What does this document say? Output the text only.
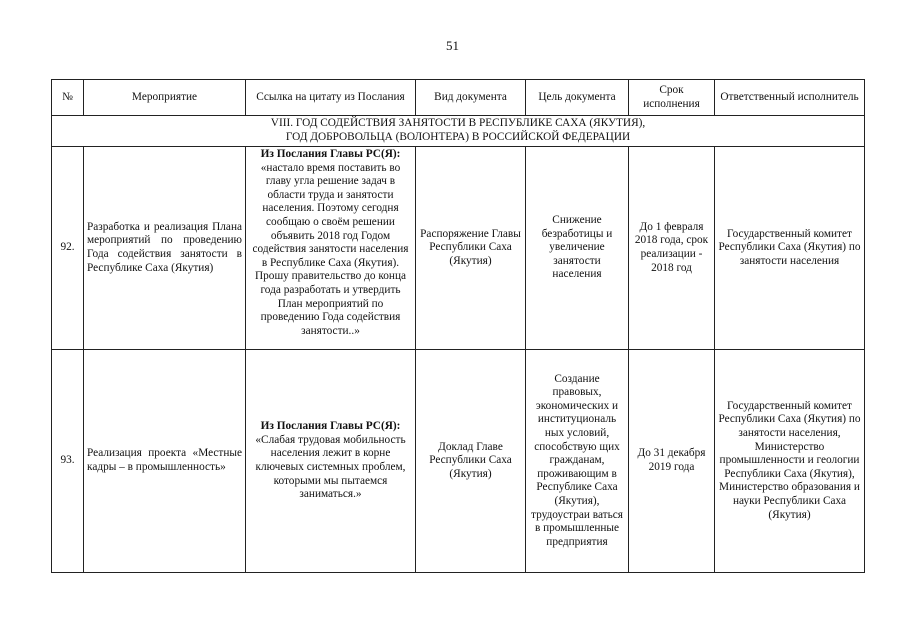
51
№	Мероприятие	Ссылка на цитату из Послания	Вид документа	Цель документа	Срок исполнения	Ответственный исполнитель

VIII. ГОД СОДЕЙСТВИЯ ЗАНЯТОСТИ В РЕСПУБЛИКЕ САХА (ЯКУТИЯ),
ГОД ДОБРОВОЛЬЦА (ВОЛОНТЕРА) В РОССИЙСКОЙ ФЕДЕРАЦИИ						

92.	Разработка и реализация Плана мероприятий по проведению Года содействия занятости в Республике Саха (Якутия)	Из Послания Главы РС(Я):
«настало время поставить во главу угла решение задач в области труда и занятости населения. Поэтому сегодня сообщаю о своём решении объявить 2018 год Годом содействия занятости населения в Республике Саха (Якутия). Прошу правительство до конца года разработать и утвердить План мероприятий по проведению Года содействия занятости..»	Распоряжение Главы Республики Саха (Якутия)	Снижение безработицы и увеличение занятости населения	До 1 февраля 2018 года, срок реализации - 2018 год	Государственный комитет Республики Саха (Якутия) по занятости населения
93.	Реализация проекта «Местные кадры – в промышленность»	Из Послания Главы РС(Я):
«Слабая трудовая мобильность населения лежит в корне ключевых системных проблем, которыми мы пытаемся заниматься.»	Доклад Главе Республики Саха (Якутия)	Создание правовых, экономических и институциональ ных условий, способствую щих гражданам, проживающим в Республике Саха (Якутия), трудоустраи ваться в промышленные предприятия	До 31 декабря 2019 года	Государственный комитет Республики Саха (Якутия) по занятости населения, Министерство промышленности и геологии Республики Саха (Якутия), Министерство образования и науки Республики Саха (Якутия)
